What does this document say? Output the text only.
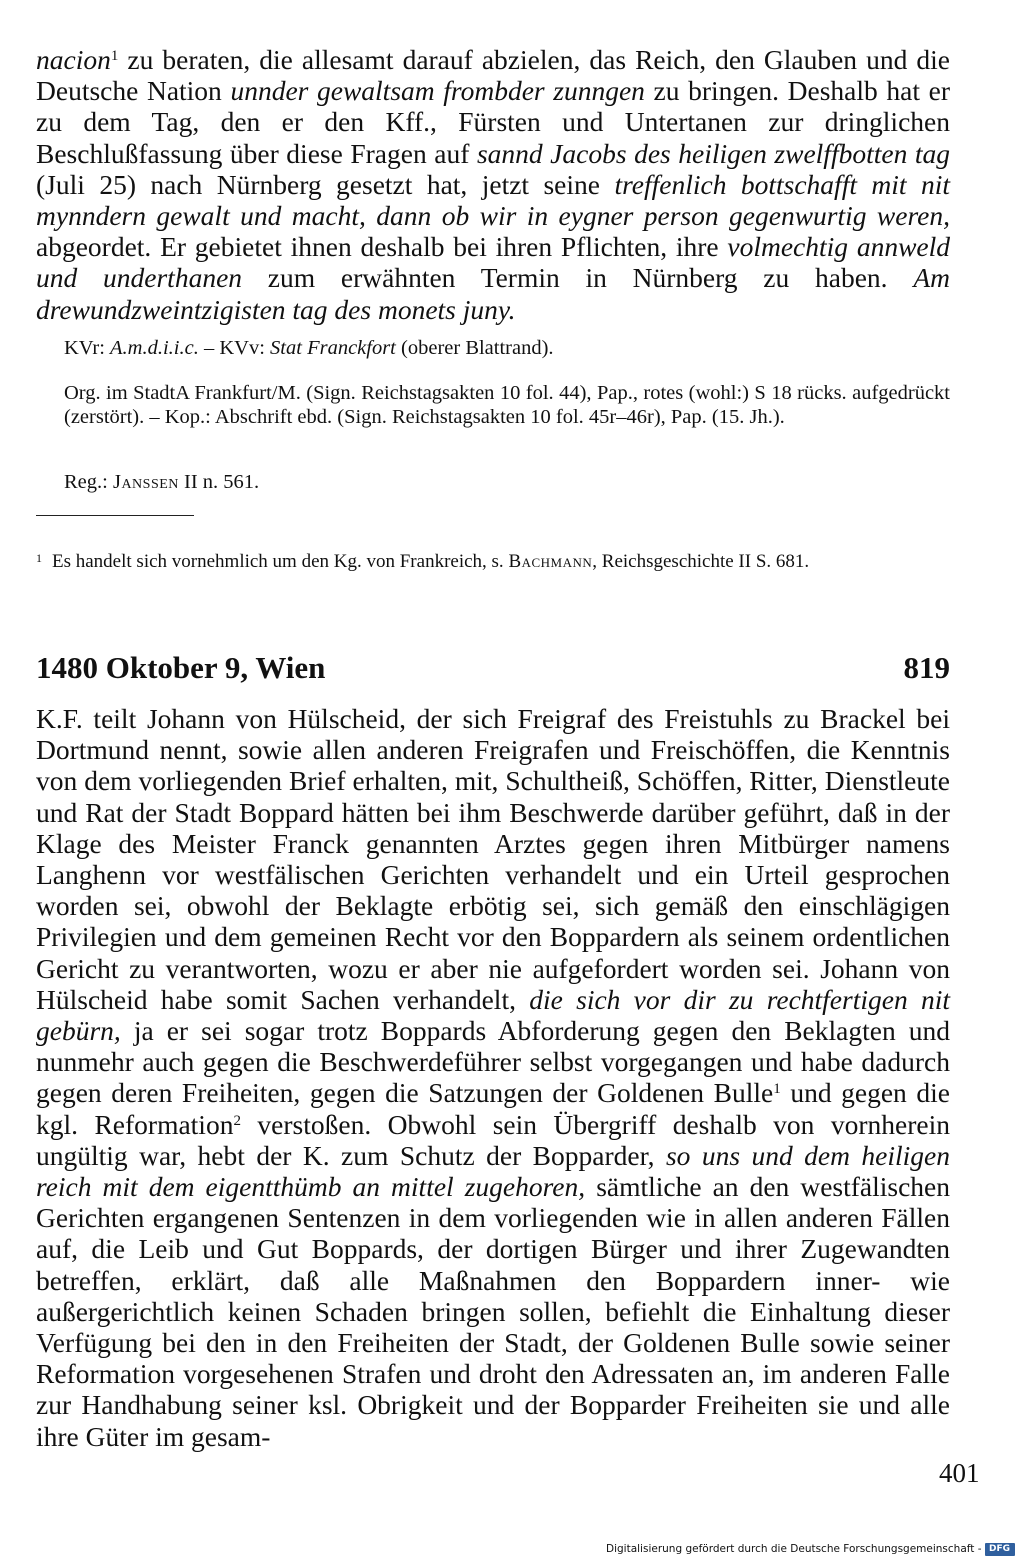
nacion$^1$ zu beraten, die allesamt darauf abzielen, das Reich, den Glauben und die Deutsche Nation unnder gewaltsam frombder zunngen zu bringen. Deshalb hat er zu dem Tag, den er den Kff., Fürsten und Untertanen zur dringlichen Beschlußfassung über diese Fragen auf sannd Jacobs des heiligen zwelffbotten tag (Juli 25) nach Nürnberg gesetzt hat, jetzt seine treffenlich bottschafft mit nit mynndern gewalt und macht, dann ob wir in eygner person gegenwurtig weren, abgeordet. Er gebietet ihnen deshalb bei ihren Pflichten, ihre volmechtig annweld und underthanen zum erwähnten Termin in Nürnberg zu haben. Am drewundzweintzigisten tag des monets juny.

KVr: A.m.d.i.i.c. – KVv: Stat Franckfort (oberer Blattrand).

Org. im StadtA Frankfurt/M. (Sign. Reichstagsakten 10 fol. 44), Pap., rotes (wohl:) S 18 rücks. aufgedrückt (zerstört). – Kop.: Abschrift ebd. (Sign. Reichstagsakten 10 fol. 45r–46r), Pap. (15. Jh.).

Reg.: Janssen II n. 561.

$^1$ Es handelt sich vornehmlich um den Kg. von Frankreich, s. Bachmann, Reichsgeschichte II S. 681.

1480 Oktober 9, Wien	819

K.F. teilt Johann von Hülscheid, der sich Freigraf des Freistuhls zu Brackel bei Dortmund nennt, sowie allen anderen Freigrafen und Freischöffen, die Kenntnis von dem vorliegenden Brief erhalten, mit, Schultheiß, Schöffen, Ritter, Dienstleute und Rat der Stadt Boppard hätten bei ihm Beschwerde darüber geführt, daß in der Klage des Meister Franck genannten Arztes gegen ihren Mitbürger namens Langhenn vor westfälischen Gerichten verhandelt und ein Urteil gesprochen worden sei, obwohl der Beklagte erbötig sei, sich gemäß den einschlägigen Privilegien und dem gemeinen Recht vor den Boppardern als seinem ordentlichen Gericht zu verantworten, wozu er aber nie aufgefordert worden sei. Johann von Hülscheid habe somit Sachen verhandelt, die sich vor dir zu rechtfertigen nit gebürn, ja er sei sogar trotz Boppards Abforderung gegen den Beklagten und nunmehr auch gegen die Beschwerdeführer selbst vorgegangen und habe dadurch gegen deren Freiheiten, gegen die Satzungen der Goldenen Bulle$^1$ und gegen die kgl. Reformation$^2$ verstoßen. Obwohl sein Übergriff deshalb von vornherein ungültig war, hebt der K. zum Schutz der Bopparder, so uns und dem heiligen reich mit dem eigentthümb an mittel zugehoren, sämtliche an den westfälischen Gerichten ergangenen Sentenzen in dem vorliegenden wie in allen anderen Fällen auf, die Leib und Gut Boppards, der dortigen Bürger und ihrer Zugewandten betreffen, erklärt, daß alle Maßnahmen den Boppardern inner- wie außergerichtlich keinen Schaden bringen sollen, befiehlt die Einhaltung dieser Verfügung bei den in den Freiheiten der Stadt, der Goldenen Bulle sowie seiner Reformation vorgesehenen Strafen und droht den Adressaten an, im anderen Falle zur Handhabung seiner ksl. Obrigkeit und der Bopparder Freiheiten sie und alle ihre Güter im gesam-

401
Digitalisierung gefördert durch die Deutsche Forschungsgemeinschaft - DFG
